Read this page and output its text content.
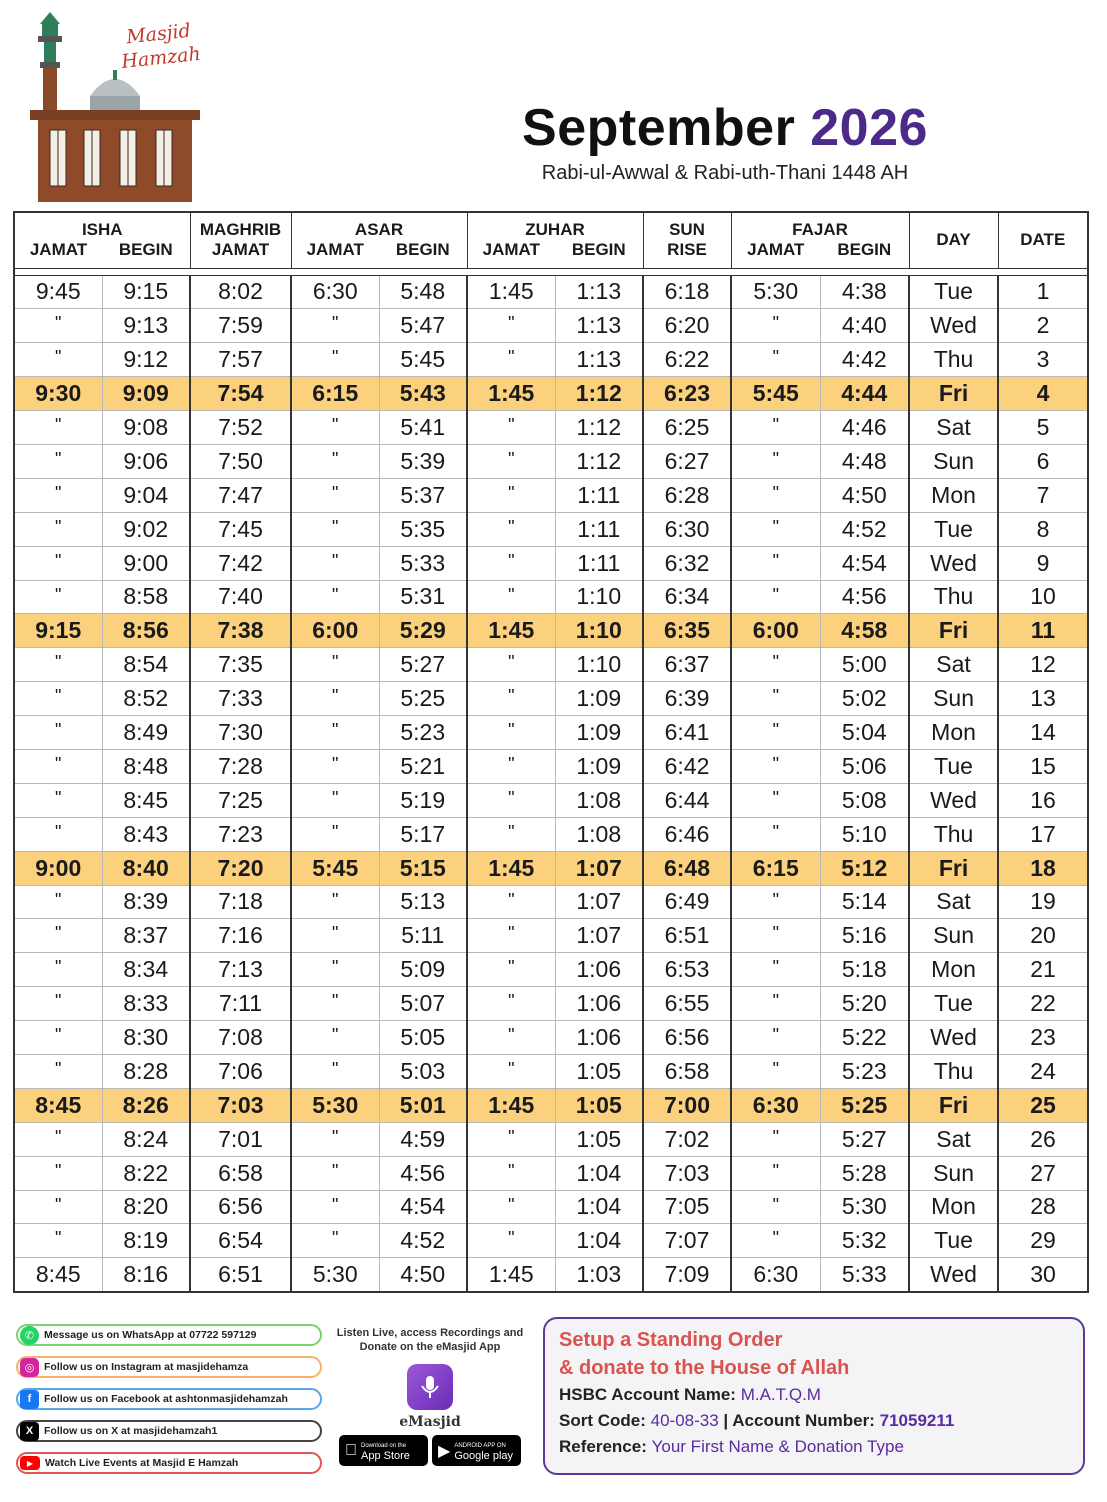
Masjid
Hamzah
September 2026
Rabi-ul-Awwal & Rabi-uth-Thani 1448 AH
ISHA		MAGHRIB	ASAR		ZUHAR		SUN	FAJAR		DAY	DATE
JAMAT	BEGIN	JAMAT	JAMAT	BEGIN	JAMAT	BEGIN	RISE	JAMAT	BEGIN		

9:45	9:15	8:02	6:30	5:48	1:45	1:13	6:18	5:30	4:38	Tue	1
"	9:13	7:59	"	5:47	"	1:13	6:20	"	4:40	Wed	2
"	9:12	7:57	"	5:45	"	1:13	6:22	"	4:42	Thu	3
9:30	9:09	7:54	6:15	5:43	1:45	1:12	6:23	5:45	4:44	Fri	4
"	9:08	7:52	"	5:41	"	1:12	6:25	"	4:46	Sat	5
"	9:06	7:50	"	5:39	"	1:12	6:27	"	4:48	Sun	6
"	9:04	7:47	"	5:37	"	1:11	6:28	"	4:50	Mon	7
"	9:02	7:45	"	5:35	"	1:11	6:30	"	4:52	Tue	8
"	9:00	7:42	"	5:33	"	1:11	6:32	"	4:54	Wed	9
"	8:58	7:40	"	5:31	"	1:10	6:34	"	4:56	Thu	10
9:15	8:56	7:38	6:00	5:29	1:45	1:10	6:35	6:00	4:58	Fri	11
"	8:54	7:35	"	5:27	"	1:10	6:37	"	5:00	Sat	12
"	8:52	7:33	"	5:25	"	1:09	6:39	"	5:02	Sun	13
"	8:49	7:30	"	5:23	"	1:09	6:41	"	5:04	Mon	14
"	8:48	7:28	"	5:21	"	1:09	6:42	"	5:06	Tue	15
"	8:45	7:25	"	5:19	"	1:08	6:44	"	5:08	Wed	16
"	8:43	7:23	"	5:17	"	1:08	6:46	"	5:10	Thu	17
9:00	8:40	7:20	5:45	5:15	1:45	1:07	6:48	6:15	5:12	Fri	18
"	8:39	7:18	"	5:13	"	1:07	6:49	"	5:14	Sat	19
"	8:37	7:16	"	5:11	"	1:07	6:51	"	5:16	Sun	20
"	8:34	7:13	"	5:09	"	1:06	6:53	"	5:18	Mon	21
"	8:33	7:11	"	5:07	"	1:06	6:55	"	5:20	Tue	22
"	8:30	7:08	"	5:05	"	1:06	6:56	"	5:22	Wed	23
"	8:28	7:06	"	5:03	"	1:05	6:58	"	5:23	Thu	24
8:45	8:26	7:03	5:30	5:01	1:45	1:05	7:00	6:30	5:25	Fri	25
"	8:24	7:01	"	4:59	"	1:05	7:02	"	5:27	Sat	26
"	8:22	6:58	"	4:56	"	1:04	7:03	"	5:28	Sun	27
"	8:20	6:56	"	4:54	"	1:04	7:05	"	5:30	Mon	28
"	8:19	6:54	"	4:52	"	1:04	7:07	"	5:32	Tue	29
8:45	8:16	6:51	5:30	4:50	1:45	1:03	7:09	6:30	5:33	Wed	30
✆ Message us on WhatsApp at 07722 597129
◎ Follow us on Instagram at masjidehamza
f	Follow us on Facebook at ashtonmasjidehamzah
X	Follow us on X at masjidehamzah1
▶	Watch Live Events at Masjid E Hamzah
Listen Live, access Recordings and
Donate on the eMasjid App
eMasjid
Download on the
App Store	▶ ANDROID APP ON
Google play
Setup a Standing Order
& donate to the House of Allah
HSBC Account Name: M.A.T.Q.M
Sort Code: 40-08-33 | Account Number: 71059211
Reference: Your First Name & Donation Type
